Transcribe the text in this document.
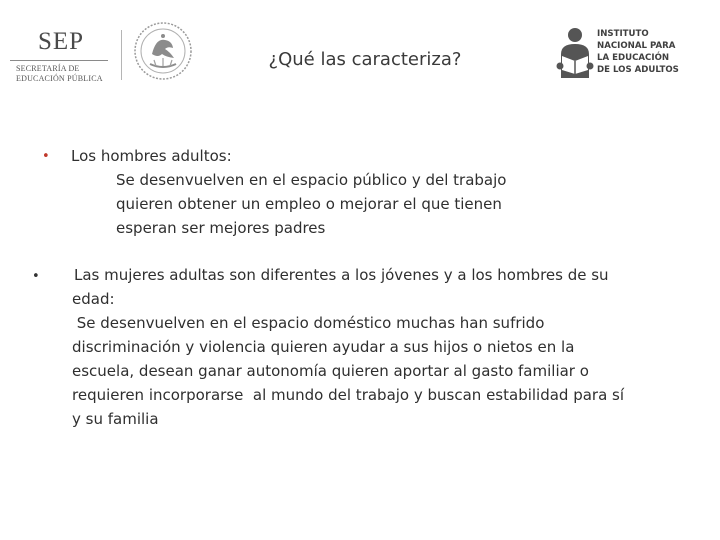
SEP
SECRETARÍA DE
EDUCACIÓN PÚBLICA
¿Qué las caracteriza?
INSTITUTO
NACIONAL PARA
LA EDUCACIÓN
DE LOS ADULTOS
• Los hombres adultos:
Se desenvuelven en el espacio público y del trabajo
quieren obtener un empleo o mejorar el que tienen
esperan ser mejores padres
• Las mujeres adultas son diferentes a los jóvenes y a los hombres de su
edad:
Se desenvuelven en el espacio doméstico muchas han sufrido
discriminación y violencia quieren ayudar a sus hijos o nietos en la
escuela, desean ganar autonomía quieren aportar al gasto familiar o
requieren incorporarse  al mundo del trabajo y buscan estabilidad para sí
y su familia
